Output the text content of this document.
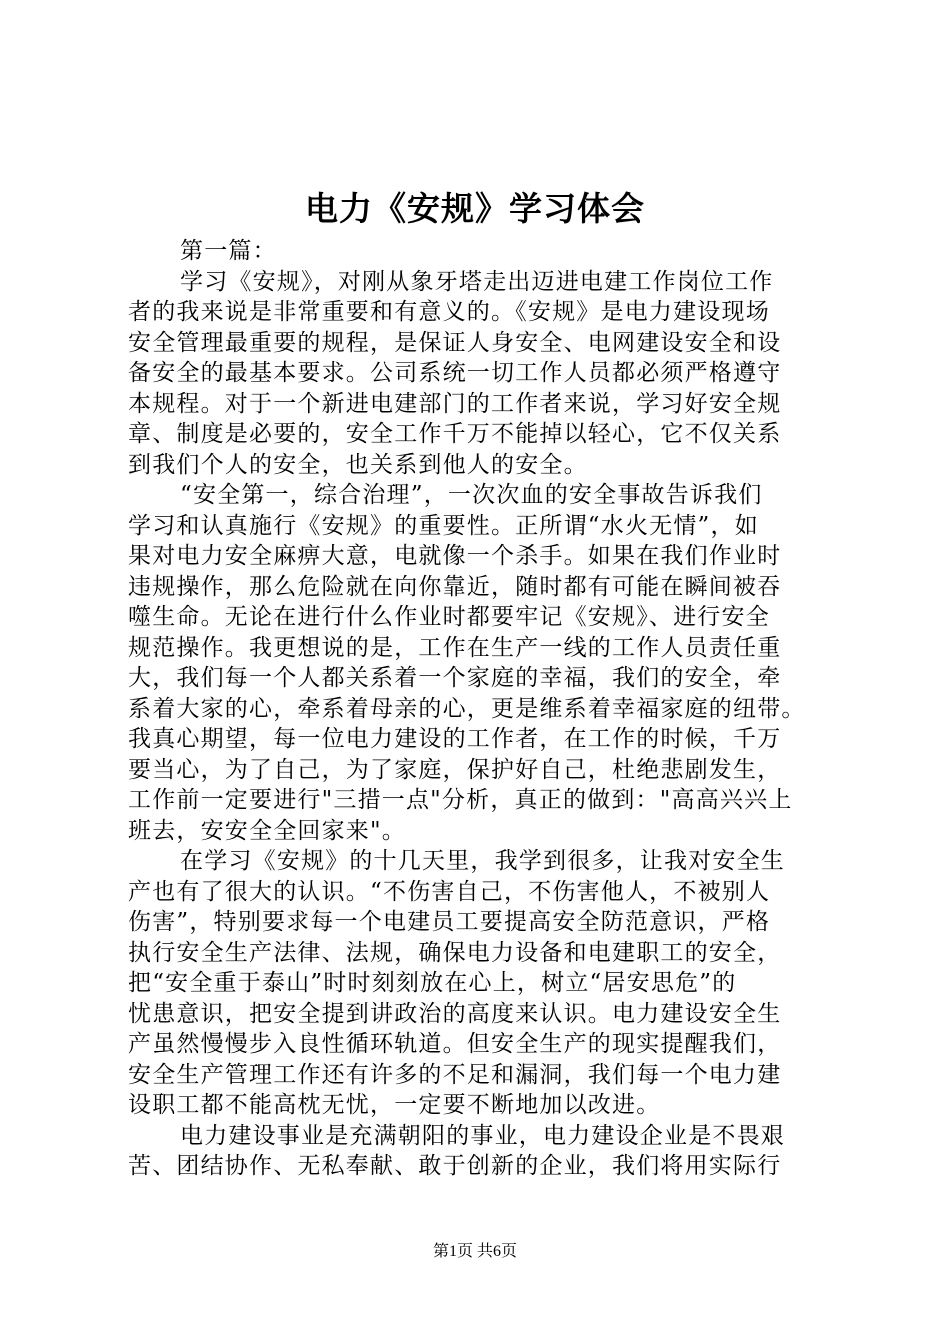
电力《安规》学习体会
第一篇：
学习《安规》，对刚从象牙塔走出迈进电建工作岗位工作
者的我来说是非常重要和有意义的。《安规》是电力建设现场
安全管理最重要的规程，是保证人身安全、电网建设安全和设
备安全的最基本要求。公司系统一切工作人员都必须严格遵守
本规程。对于一个新进电建部门的工作者来说，学习好安全规
章、制度是必要的，安全工作千万不能掉以轻心，它不仅关系
到我们个人的安全，也关系到他人的安全。
“安全第一，综合治理”，一次次血的安全事故告诉我们
学习和认真施行《安规》的重要性。正所谓“水火无情”，如
果对电力安全麻痹大意，电就像一个杀手。如果在我们作业时
违规操作，那么危险就在向你靠近，随时都有可能在瞬间被吞
噬生命。无论在进行什么作业时都要牢记《安规》、进行安全
规范操作。我更想说的是，工作在生产一线的工作人员责任重
大，我们每一个人都关系着一个家庭的幸福，我们的安全，牵
系着大家的心，牵系着母亲的心，更是维系着幸福家庭的纽带。
我真心期望，每一位电力建设的工作者，在工作的时候，千万
要当心，为了自己，为了家庭，保护好自己，杜绝悲剧发生，
工作前一定要进行"三措一点"分析，真正的做到："高高兴兴上
班去，安安全全回家来"。
在学习《安规》的十几天里，我学到很多，让我对安全生
产也有了很大的认识。“不伤害自己，不伤害他人，不被别人
伤害”，特别要求每一个电建员工要提高安全防范意识，严格
执行安全生产法律、法规，确保电力设备和电建职工的安全，
把“安全重于泰山”时时刻刻放在心上，树立“居安思危”的
忧患意识，把安全提到讲政治的高度来认识。电力建设安全生
产虽然慢慢步入良性循环轨道。但安全生产的现实提醒我们，
安全生产管理工作还有许多的不足和漏洞，我们每一个电力建
设职工都不能高枕无忧，一定要不断地加以改进。
电力建设事业是充满朝阳的事业，电力建设企业是不畏艰
苦、团结协作、无私奉献、敢于创新的企业，我们将用实际行
第1页 共6页
